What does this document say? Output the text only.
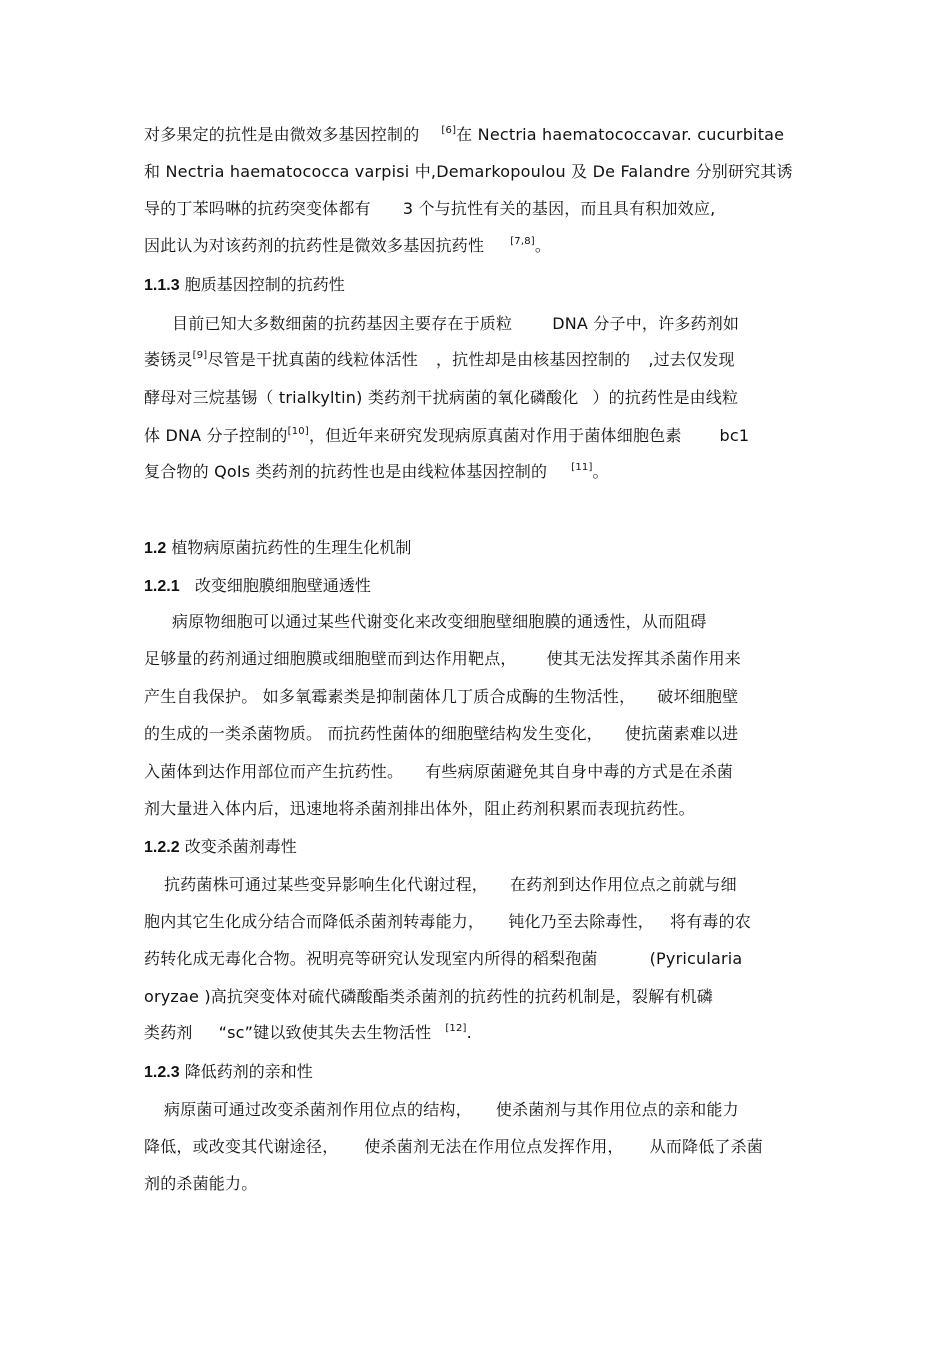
对多果定的抗性是由微效多基因控制的 [6]在 Nectria haematococcavar. cucurbitae
和 Nectria haematococca varpisi 中,Demarkopoulou 及 De Falandre 分别研究其诱
导的丁苯吗啉的抗药突变体都有 3 个与抗性有关的基因，而且具有积加效应,
因此认为对该药剂的抗药性是微效多基因抗药性	[7,8]。
1.1.3 胞质基因控制的抗药性
目前已知大多数细菌的抗药基因主要存在于质粒	DNA 分子中，许多药剂如
萎锈灵[9]尽管是干扰真菌的线粒体活性 ，抗性却是由核基因控制的 ,过去仅发现
酵母对三烷基锡（ trialkyltin) 类药剂干扰病菌的氧化磷酸化 ）的抗药性是由线粒
体 DNA 分子控制的[10]，但近年来研究发现病原真菌对作用于菌体细胞色素 bc1
复合物的 QoIs 类药剂的抗药性也是由线粒体基因控制的 [11]。
1.2 植物病原菌抗药性的生理生化机制
1.2.1 改变细胞膜细胞壁通透性
病原物细胞可以通过某些代谢变化来改变细胞壁细胞膜的通透性，从而阻碍
足够量的药剂通过细胞膜或细胞壁而到达作用靶点， 使其无法发挥其杀菌作用来
产生自我保护。 如多氧霉素类是抑制菌体几丁质合成酶的生物活性， 破坏细胞壁
的生成的一类杀菌物质。 而抗药性菌体的细胞壁结构发生变化， 使抗菌素难以进
入菌体到达作用部位而产生抗药性。 有些病原菌避免其自身中毒的方式是在杀菌
剂大量进入体内后，迅速地将杀菌剂排出体外，阻止药剂积累而表现抗药性。
1.2.2 改变杀菌剂毒性
抗药菌株可通过某些变异影响生化代谢过程， 在药剂到达作用位点之前就与细
胞内其它生化成分结合而降低杀菌剂转毒能力， 钝化乃至去除毒性， 将有毒的农
药转化成无毒化合物。祝明亮等研究认发现室内所得的稻梨孢菌	(Pyricularia
oryzae )高抗突变体对硫代磷酸酯类杀菌剂的抗药性的抗药机制是，裂解有机磷
类药剂 “sc”键以致使其失去生物活性 [12].
1.2.3 降低药剂的亲和性
病原菌可通过改变杀菌剂作用位点的结构， 使杀菌剂与其作用位点的亲和能力
降低，或改变其代谢途径， 使杀菌剂无法在作用位点发挥作用， 从而降低了杀菌
剂的杀菌能力。
